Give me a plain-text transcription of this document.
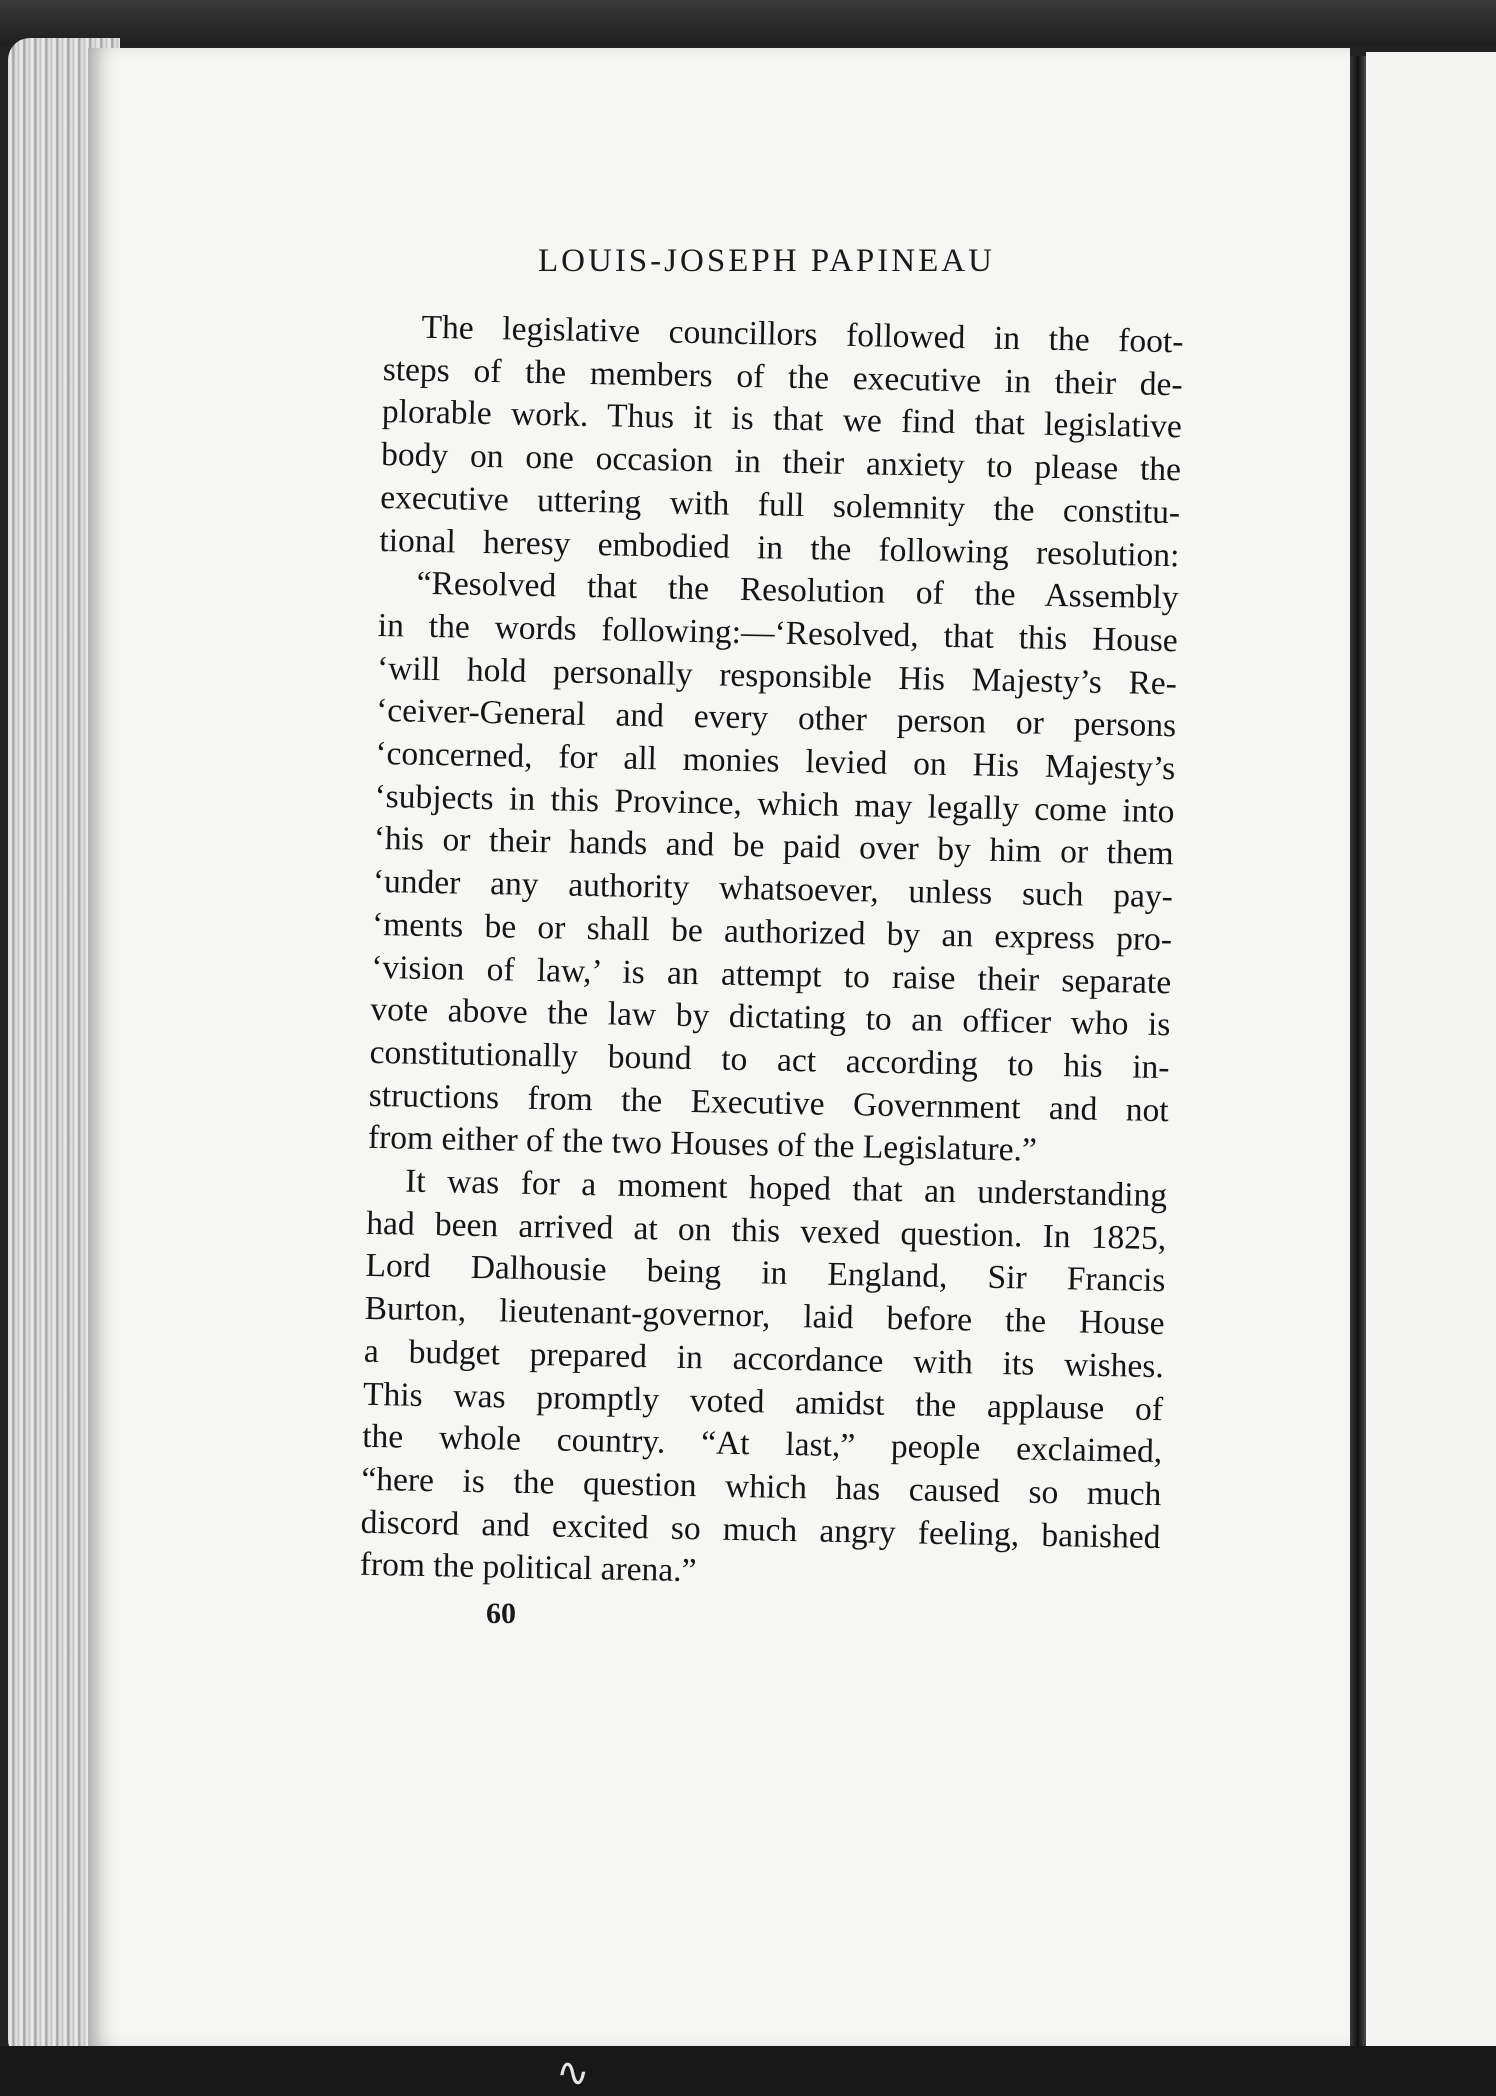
∿
LOUIS-JOSEPH PAPINEAU
The legislative councillors followed in the foot-
steps of the members of the executive in their de-
plorable work. Thus it is that we find that legislative
body on one occasion in their anxiety to please the
executive uttering with full solemnity the constitu-
tional heresy embodied in the following resolution:
“Resolved that the Resolution of the Assembly
in the words following:—‘Resolved, that this House
‘will hold personally responsible His Majesty’s Re-
‘ceiver-General and every other person or persons
‘concerned, for all monies levied on His Majesty’s
‘subjects in this Province, which may legally come into
‘his or their hands and be paid over by him or them
‘under any authority whatsoever, unless such pay-
‘ments be or shall be authorized by an express pro-
‘vision of law,’ is an attempt to raise their separate
vote above the law by dictating to an officer who is
constitutionally bound to act according to his in-
structions from the Executive Government and not
from either of the two Houses of the Legislature.”
It was for a moment hoped that an understanding
had been arrived at on this vexed question. In 1825,
Lord Dalhousie being in England, Sir Francis
Burton, lieutenant-governor, laid before the House
a budget prepared in accordance with its wishes.
This was promptly voted amidst the applause of
the whole country. “At last,” people exclaimed,
“here is the question which has caused so much
discord and excited so much angry feeling, banished
from the political arena.”
60
